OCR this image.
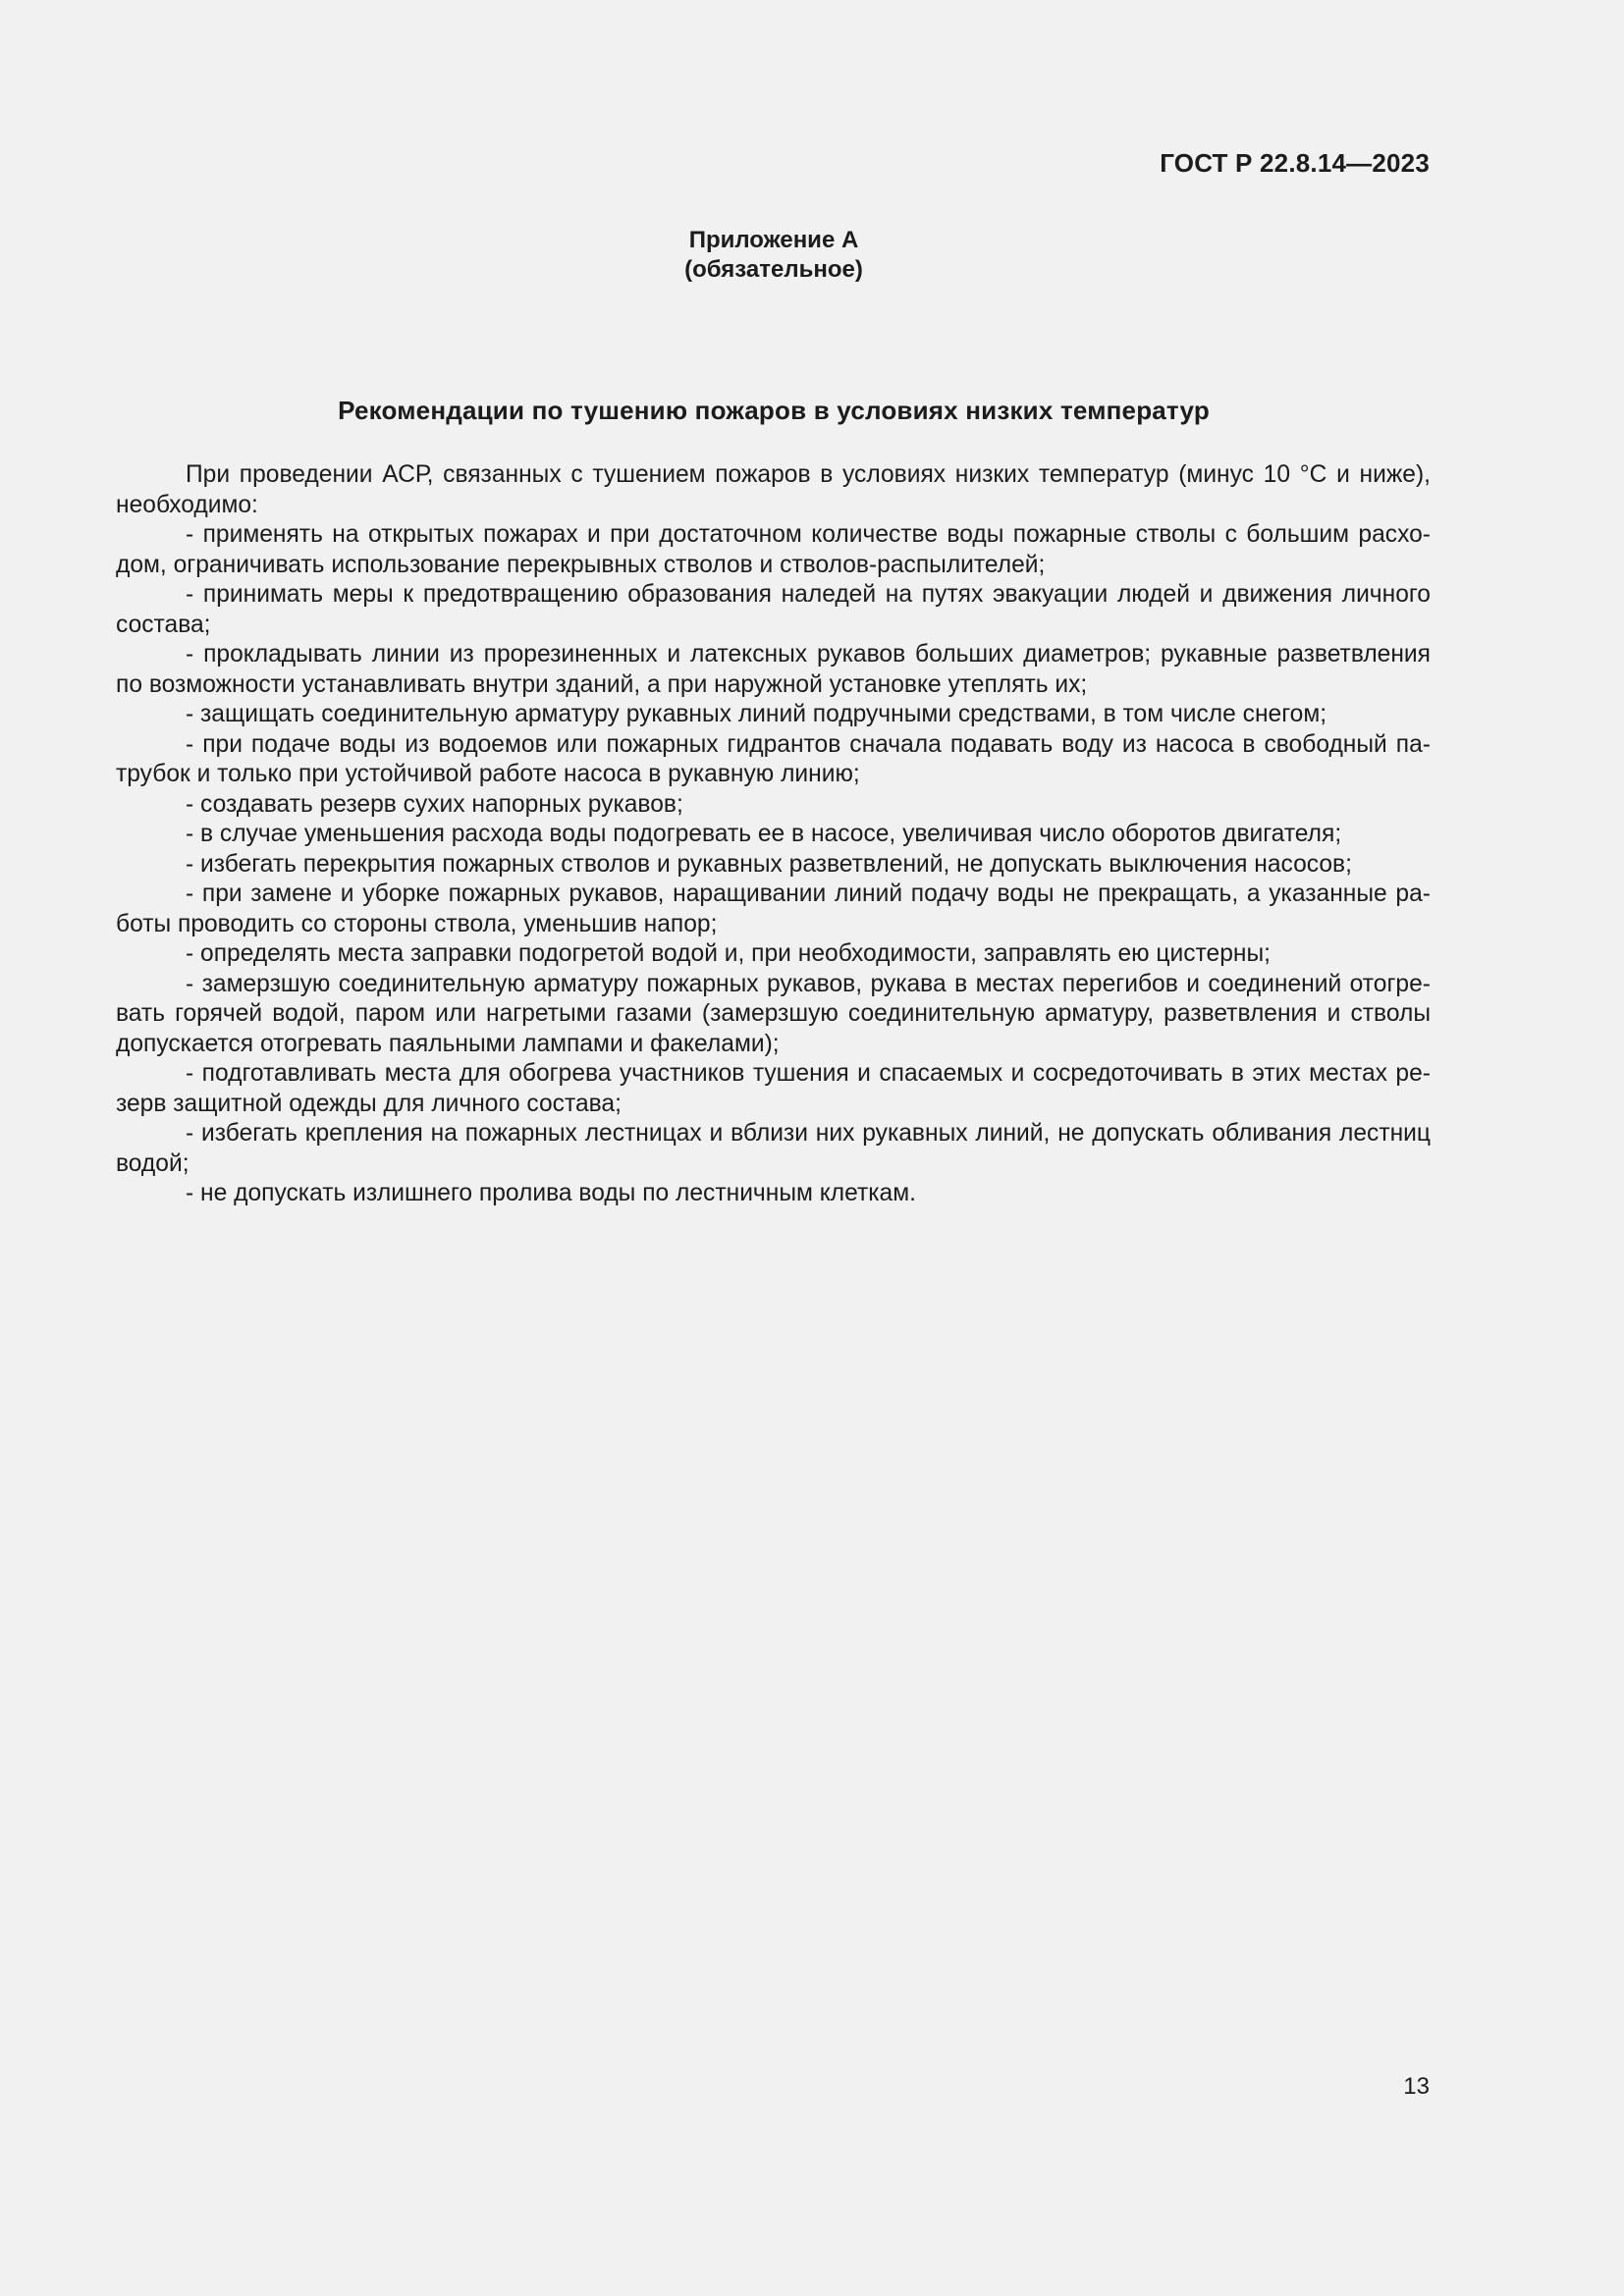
ГОСТ Р 22.8.14—2023
Приложение А
(обязательное)
Рекомендации по тушению пожаров в условиях низких температур

При проведении АСР, связанных с тушением пожаров в условиях низких температур (минус 10 °С и ниже), необходимо:

- применять на открытых пожарах и при достаточном количестве воды пожарные стволы с большим расходом, ограничивать использование перекрывных стволов и стволов-распылителей;

- принимать меры к предотвращению образования наледей на путях эвакуации людей и движения личного состава;

- прокладывать линии из прорезиненных и латексных рукавов больших диаметров; рукавные разветвления по возможности устанавливать внутри зданий, а при наружной установке утеплять их;

- защищать соединительную арматуру рукавных линий подручными средствами, в том числе снегом;

- при подаче воды из водоемов или пожарных гидрантов сначала подавать воду из насоса в свободный патрубок и только при устойчивой работе насоса в рукавную линию;

- создавать резерв сухих напорных рукавов;

- в случае уменьшения расхода воды подогревать ее в насосе, увеличивая число оборотов двигателя;

- избегать перекрытия пожарных стволов и рукавных разветвлений, не допускать выключения насосов;

- при замене и уборке пожарных рукавов, наращивании линий подачу воды не прекращать, а указанные работы проводить со стороны ствола, уменьшив напор;

- определять места заправки подогретой водой и, при необходимости, заправлять ею цистерны;

- замерзшую соединительную арматуру пожарных рукавов, рукава в местах перегибов и соединений отогревать горячей водой, паром или нагретыми газами (замерзшую соединительную арматуру, разветвления и стволы допускается отогревать паяльными лампами и факелами);

- подготавливать места для обогрева участников тушения и спасаемых и сосредоточивать в этих местах резерв защитной одежды для личного состава;

- избегать крепления на пожарных лестницах и вблизи них рукавных линий, не допускать обливания лестниц водой;

- не допускать излишнего пролива воды по лестничным клеткам.

13
